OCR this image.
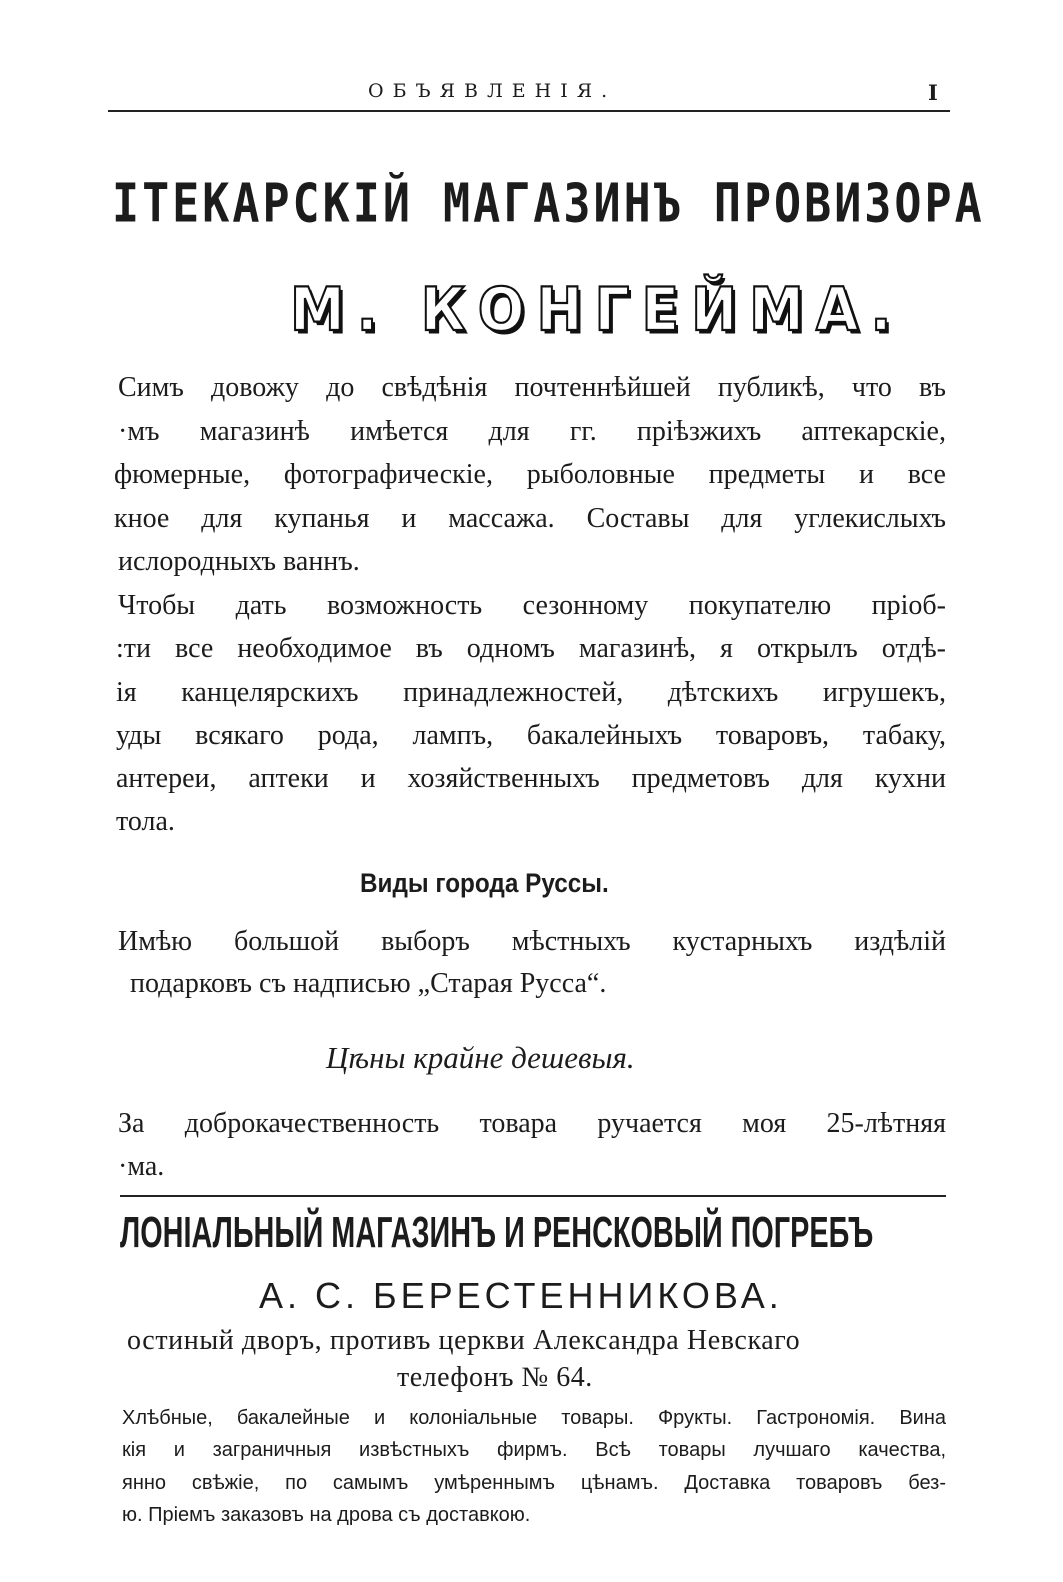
ОБЪЯВЛЕНІЯ.	I
ІТЕКАРСКІЙ МАГАЗИНЪ ПРОВИЗОРА
М. КОНГЕЙМА.
Симъ довожу до свѣдѣнія почтеннѣйшей публикѣ, что въ
·мъ магазинѣ имѣется для гг. пріѣзжихъ аптекарскіе,
фюмерные, фотографическіе, рыболовные предметы и все
кное для купанья и массажа. Составы для углекислыхъ
ислородныхъ ваннъ.
Чтобы дать возможность сезонному покупателю пріоб-
:ти все необходимое въ одномъ магазинѣ, я открылъ отдѣ-
ія канцелярскихъ принадлежностей, дѣтскихъ игрушекъ,
уды всякаго рода, лампъ, бакалейныхъ товаровъ, табаку,
антереи, аптеки и хозяйственныхъ предметовъ для кухни
тола.
Виды города Руссы.
Имѣю большой выборъ мѣстныхъ кустарныхъ издѣлій
подарковъ съ надписью „Старая Русса“.
Цѣны крайне дешевыя.
За доброкачественность товара ручается моя 25-лѣтняя
·ма.
ЛОНІАЛЬНЫЙ МАГАЗИНЪ И РЕНСКОВЫЙ ПОГРЕБЪ
А. С. БЕРЕСТЕННИКОВА.
остиный дворъ, противъ церкви Александра Невскаго
телефонъ № 64.
Хлѣбные, бакалейные и колоніальные товары. Фрукты. Гастрономія. Вина
кія и заграничныя извѣстныхъ фирмъ. Всѣ товары лучшаго качества,
янно свѣжіе, по самымъ умѣреннымъ цѣнамъ. Доставка товаровъ без-
ю. Пріемъ заказовъ на дрова съ доставкою.
